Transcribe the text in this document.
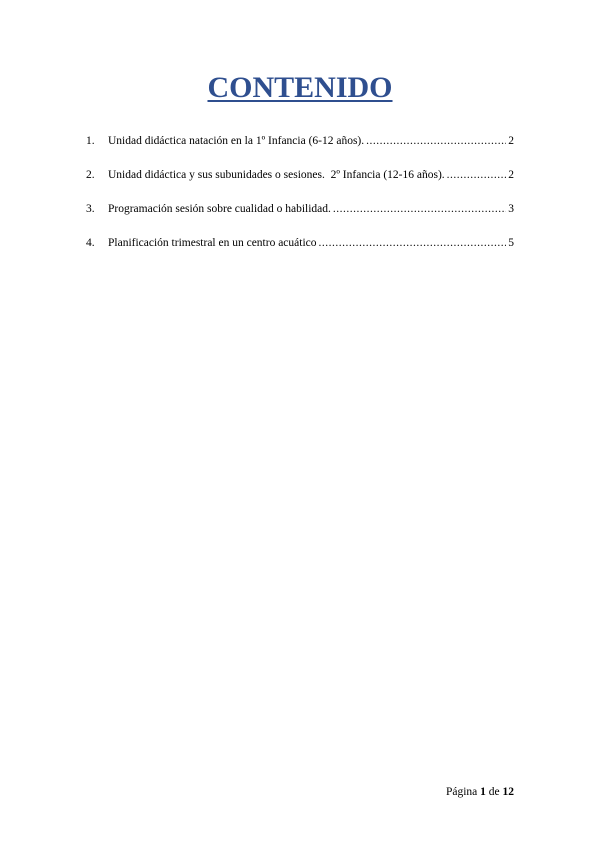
CONTENIDO
1.	Unidad didáctica natación en la 1º Infancia (6-12 años). .....	2
2.	Unidad didáctica y sus subunidades o sesiones.  2º Infancia (12-16 años). .....	2
3.	Programación sesión sobre cualidad o habilidad. .....	3
4.	Planificación trimestral en un centro acuático .....	5
Página 1 de 12
